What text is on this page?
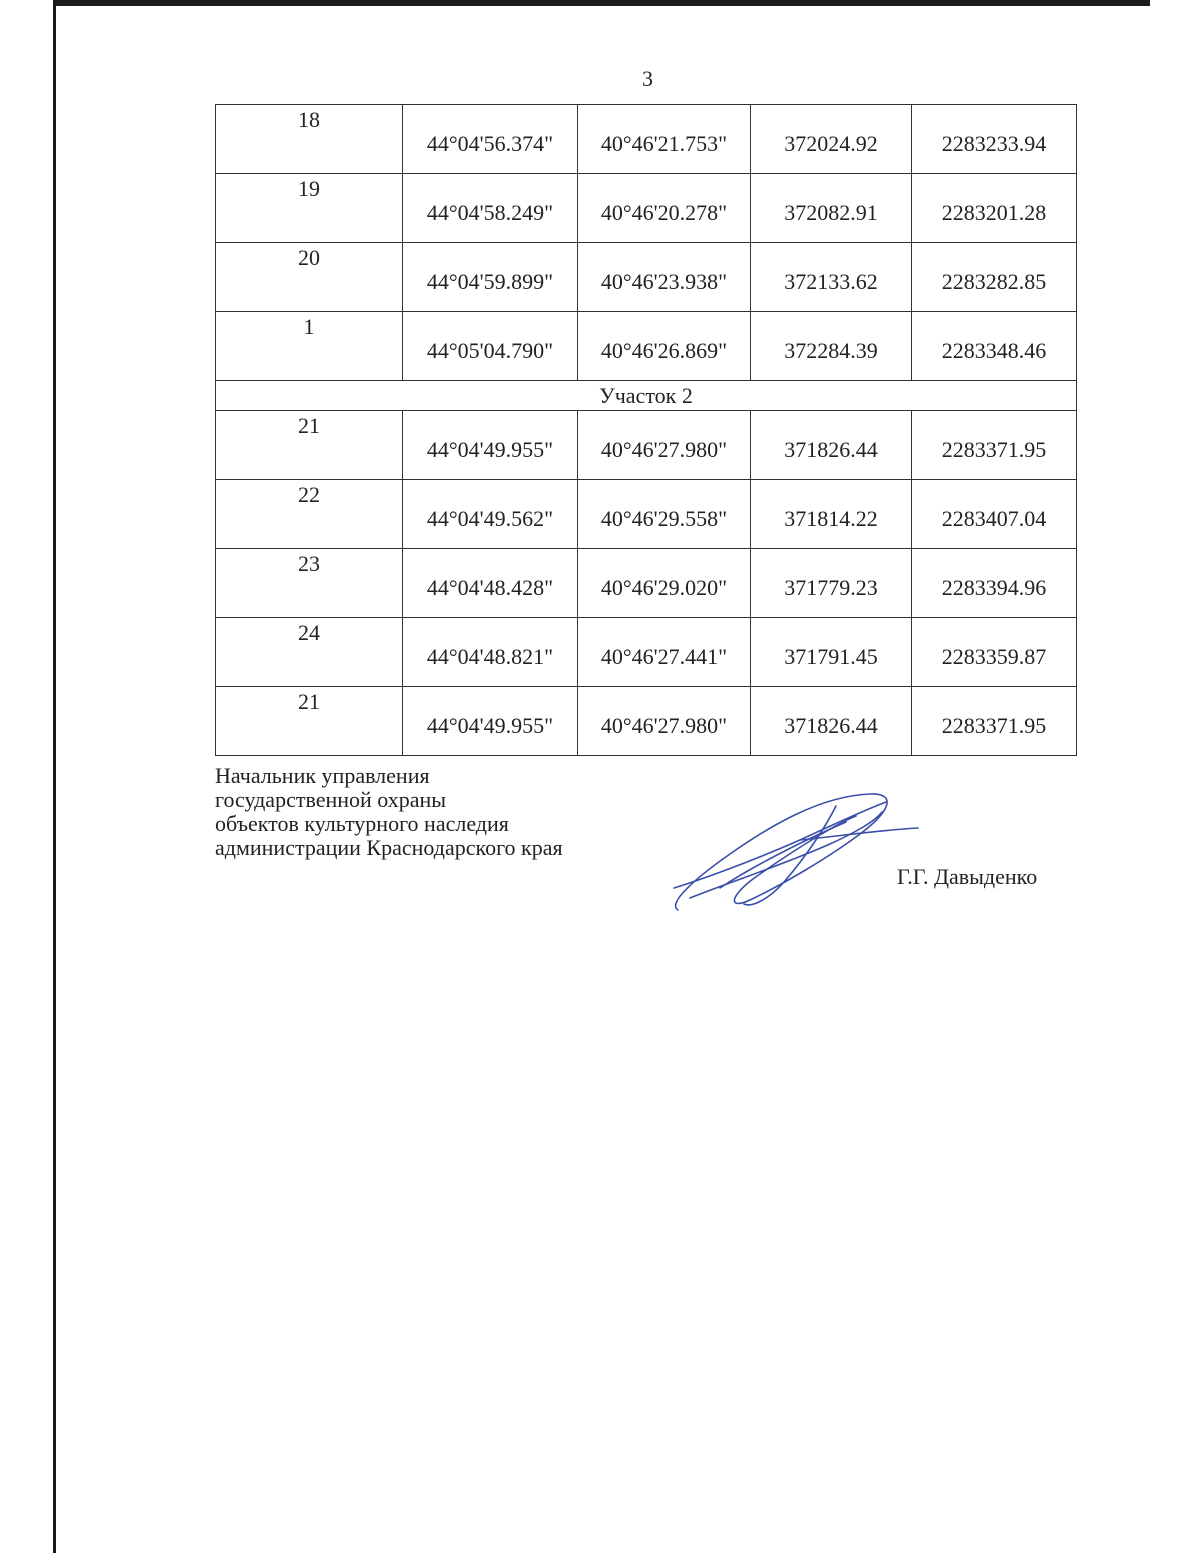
3
18	44°04'56.374"	40°46'21.753"	372024.92	2283233.94
19	44°04'58.249"	40°46'20.278"	372082.91	2283201.28
20	44°04'59.899"	40°46'23.938"	372133.62	2283282.85
1	44°05'04.790"	40°46'26.869"	372284.39	2283348.46
Участок 2				
21	44°04'49.955"	40°46'27.980"	371826.44	2283371.95
22	44°04'49.562"	40°46'29.558"	371814.22	2283407.04
23	44°04'48.428"	40°46'29.020"	371779.23	2283394.96
24	44°04'48.821"	40°46'27.441"	371791.45	2283359.87
21	44°04'49.955"	40°46'27.980"	371826.44	2283371.95
Начальник управления
государственной охраны
объектов культурного наследия
администрации Краснодарского края
Г.Г. Давыденко
